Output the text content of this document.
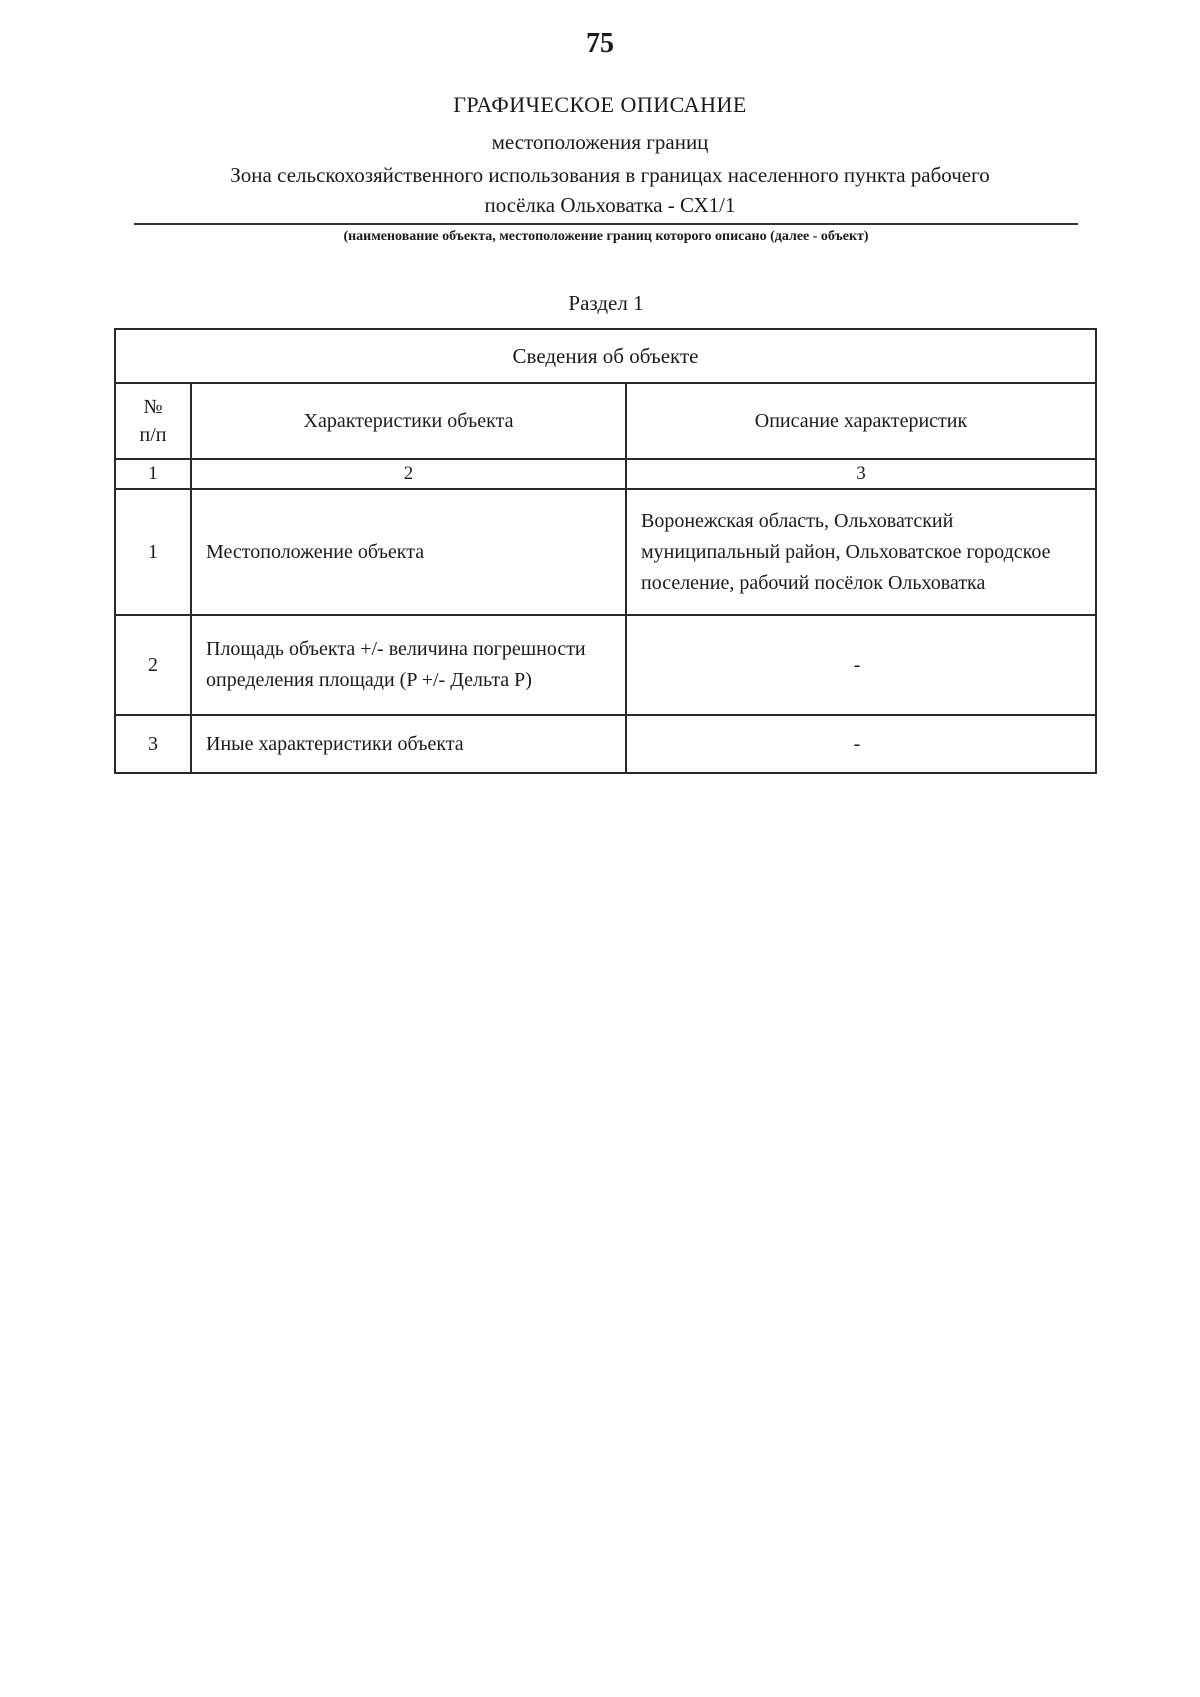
75
ГРАФИЧЕСКОЕ ОПИСАНИЕ
местоположения границ
Зона сельскохозяйственного использования в границах населенного пункта рабочего
посёлка Ольховатка - СХ1/1
(наименование объекта, местоположение границ которого описано (далее - объект)
Раздел 1
Сведения об объекте		

№
п/п	Характеристики объекта	Описание характеристик
1	2	3
1	Местоположение объекта	Воронежская область, Ольховатский муниципальный район, Ольховатское городское поселение, рабочий посёлок Ольховатка
2	Площадь объекта +/- величина погрешности определения площади (P +/- Дельта P)	-
3	Иные характеристики объекта	-
